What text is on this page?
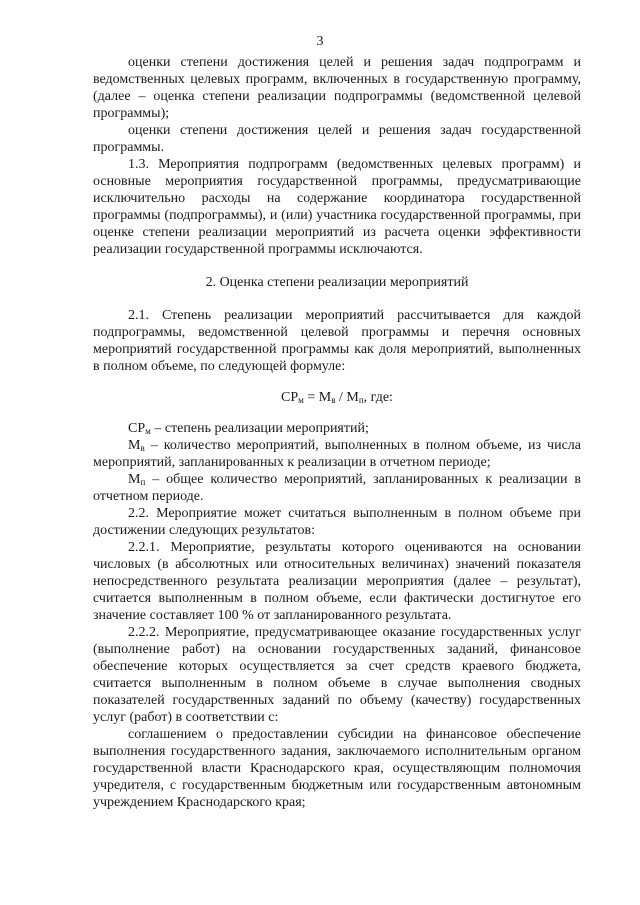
3

оценки степени достижения целей и решения задач подпрограмм и ведомственных целевых программ, включенных в государственную программу, (далее – оценка степени реализации подпрограммы (ведомственной целевой программы);

оценки степени достижения целей и решения задач государственной программы.

1.3. Мероприятия подпрограмм (ведомственных целевых программ) и основные мероприятия государственной программы, предусматривающие исключительно расходы на содержание координатора государственной программы (подпрограммы), и (или) участника государственной программы, при оценке степени реализации мероприятий из расчета оценки эффективности реализации государственной программы исключаются.

2. Оценка степени реализации мероприятий

2.1. Степень реализации мероприятий рассчитывается для каждой подпрограммы, ведомственной целевой программы и перечня основных мероприятий государственной программы как доля мероприятий, выполненных в полном объеме, по следующей формуле:

$СР_м = М_в / М_п$, где:

$СР_м$ – степень реализации мероприятий;

$М_в$ – количество мероприятий, выполненных в полном объеме, из числа мероприятий, запланированных к реализации в отчетном периоде;

$М_п$ – общее количество мероприятий, запланированных к реализации в отчетном периоде.

2.2. Мероприятие может считаться выполненным в полном объеме при достижении следующих результатов:

2.2.1. Мероприятие, результаты которого оцениваются на основании числовых (в абсолютных или относительных величинах) значений показателя непосредственного результата реализации мероприятия (далее – результат), считается выполненным в полном объеме, если фактически достигнутое его значение составляет 100 % от запланированного результата.

2.2.2. Мероприятие, предусматривающее оказание государственных услуг (выполнение работ) на основании государственных заданий, финансовое обеспечение которых осуществляется за счет средств краевого бюджета, считается выполненным в полном объеме в случае выполнения сводных показателей государственных заданий по объему (качеству) государственных услуг (работ) в соответствии с:

соглашением о предоставлении субсидии на финансовое обеспечение выполнения государственного задания, заключаемого исполнительным органом государственной власти Краснодарского края, осуществляющим полномочия учредителя, с государственным бюджетным или государственным автономным учреждением Краснодарского края;
